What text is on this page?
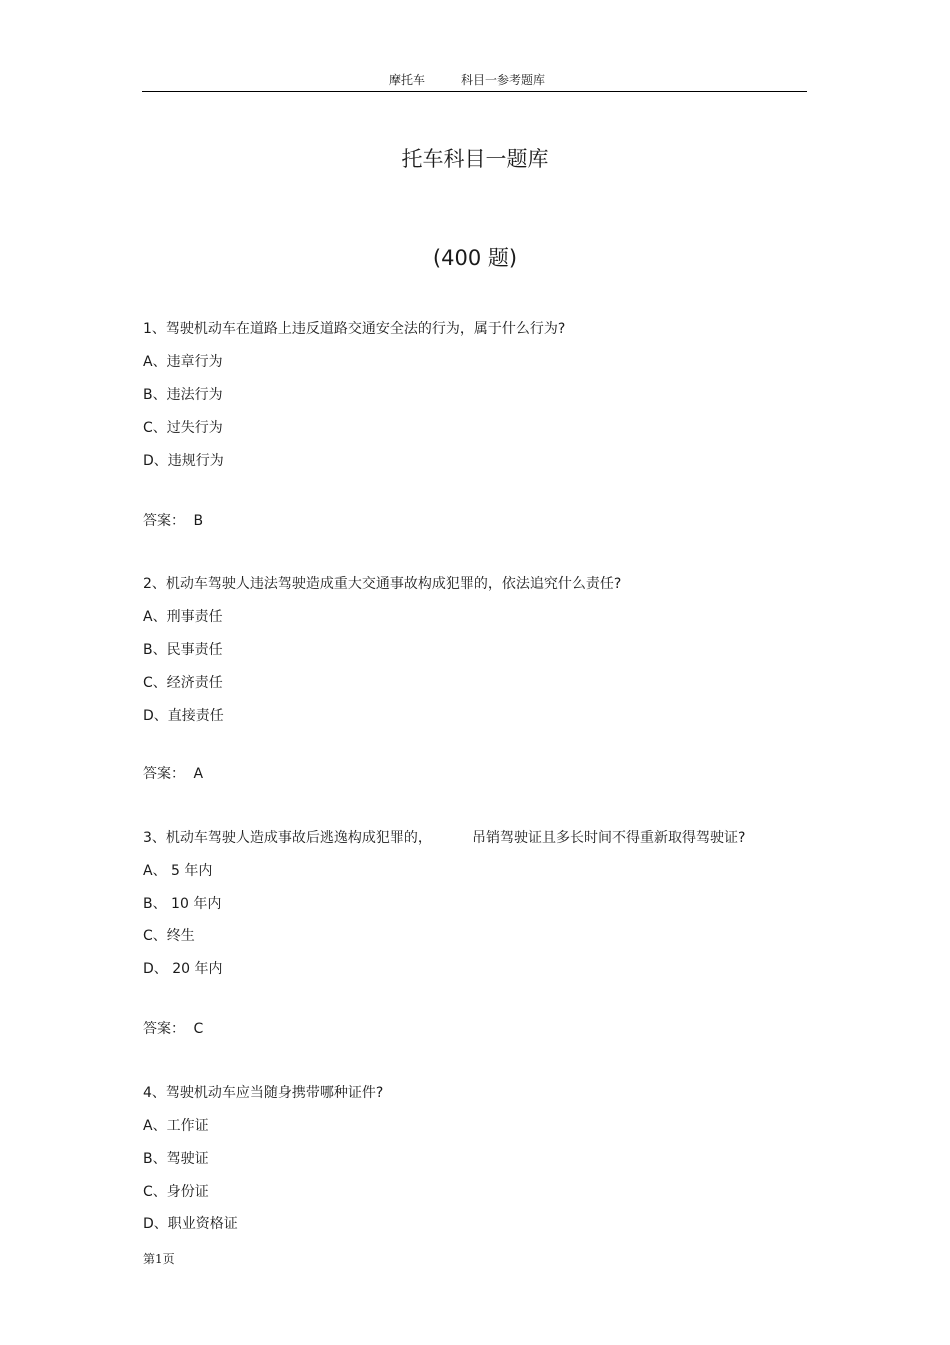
摩托车	科目一参考题库
托车科目一题库
(400 题)
1、驾驶机动车在道路上违反道路交通安全法的行为，属于什么行为?
A、违章行为
B、违法行为
C、过失行为
D、违规行为
答案： B
2、机动车驾驶人违法驾驶造成重大交通事故构成犯罪的，依法追究什么责任?
A、刑事责任
B、民事责任
C、经济责任
D、直接责任
答案： A
3、机动车驾驶人造成事故后逃逸构成犯罪的，	吊销驾驶证且多长时间不得重新取得驾驶证?
A、 5 年内
B、 10 年内
C、终生
D、 20 年内
答案： C
4、驾驶机动车应当随身携带哪种证件?
A、工作证
B、驾驶证
C、身份证
D、职业资格证
第1页
